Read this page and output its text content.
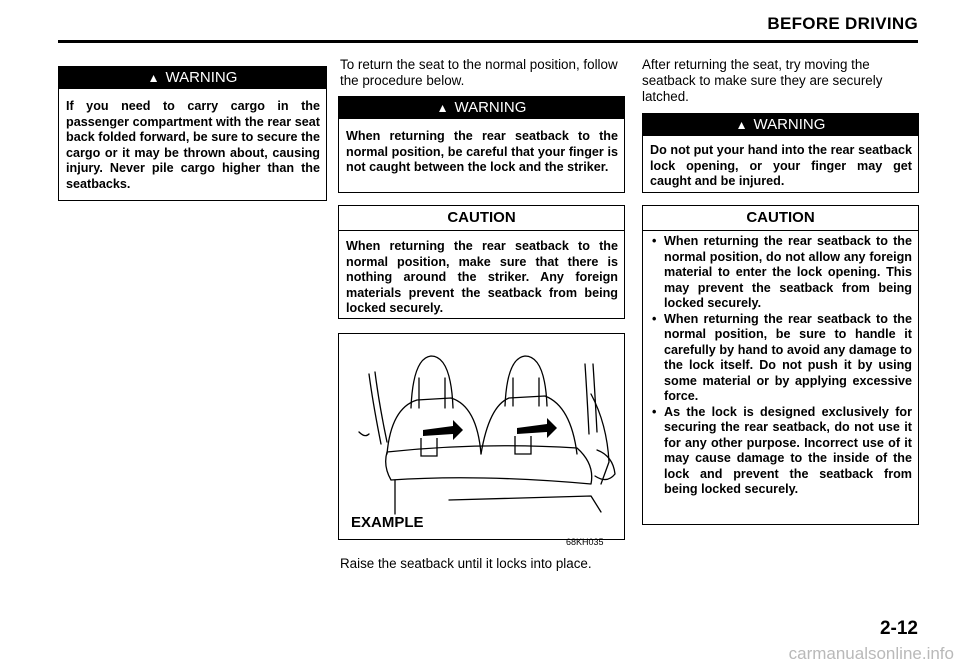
BEFORE DRIVING
▲ WARNING
If you need to carry cargo in the passenger compartment with the rear seat back folded forward, be sure to secure the cargo or it may be thrown about, causing injury. Never pile cargo higher than the seatbacks.
To return the seat to the normal position, follow the procedure below.
▲ WARNING
When returning the rear seatback to the normal position, be careful that your finger is not caught between the lock and the striker.
CAUTION
When returning the rear seatback to the normal position, make sure that there is nothing around the striker. Any foreign materials prevent the seatback from being locked securely.
EXAMPLE
68KH035
Raise the seatback until it locks into place.
After returning the seat, try moving the seatback to make sure they are securely latched.
▲ WARNING
Do not put your hand into the rear seatback lock opening, or your finger may get caught and be injured.
CAUTION
• When returning the rear seatback to the normal position, do not allow any foreign material to enter the lock opening. This may prevent the seatback from being locked securely.
• When returning the rear seatback to the normal position, be sure to handle it carefully by hand to avoid any damage to the lock itself. Do not push it by using some material or by applying excessive force.
• As the lock is designed exclusively for securing the rear seatback, do not use it for any other purpose. Incorrect use of it may cause damage to the inside of the lock and prevent the seatback from being locked securely.
2-12
carmanualsonline.info
